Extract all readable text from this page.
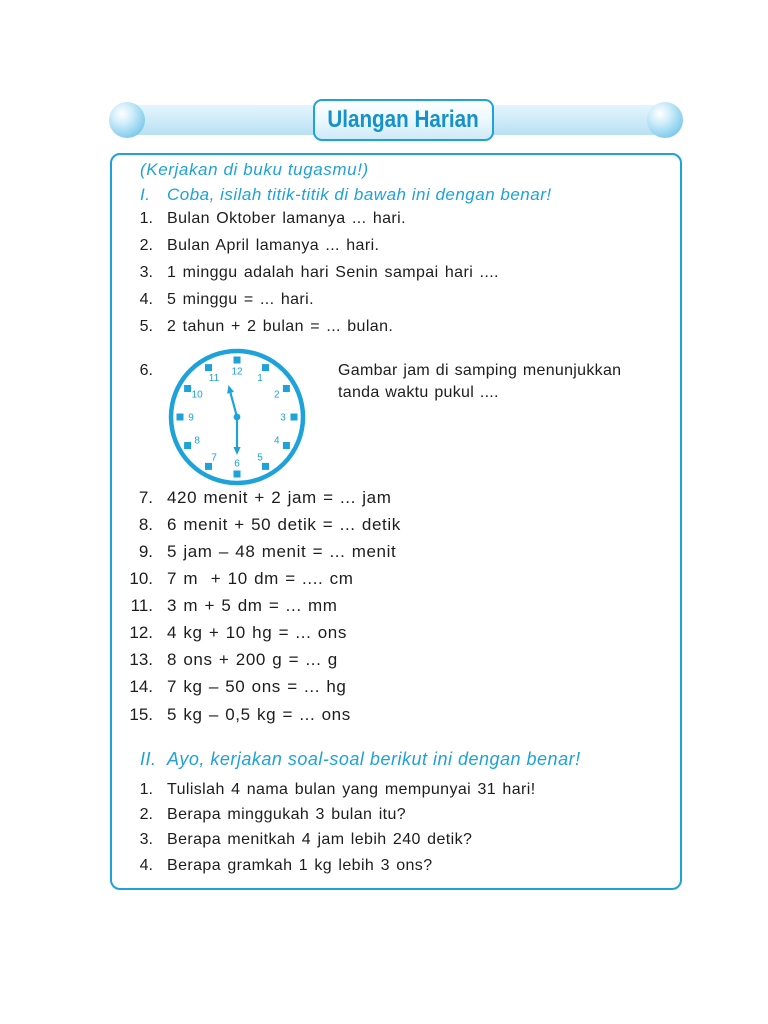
Ulangan Harian
(Kerjakan di buku tugasmu!)
I. Coba, isilah titik-titik di bawah ini dengan benar!
1. Bulan Oktober lamanya ... hari.
2. Bulan April lamanya ... hari.
3. 1 minggu adalah hari Senin sampai hari ....
4. 5 minggu = ... hari.
5. 2 tahun + 2 bulan = ... bulan.
6.	12
1
2
3
4
5
6
7
8
9
10
11	Gambar jam di samping menunjukkan
tanda waktu pukul ....
7. 420 menit + 2 jam = ... jam
8. 6 menit + 50 detik = ... detik
9. 5 jam – 48 menit = ... menit
10. 7 m  + 10 dm = .... cm
11. 3 m + 5 dm = ... mm
12. 4 kg + 10 hg = ... ons
13. 8 ons + 200 g = ... g
14. 7 kg – 50 ons = ... hg
15. 5 kg – 0,5 kg = ... ons
II. Ayo, kerjakan soal-soal berikut ini dengan benar!
1. Tulislah 4 nama bulan yang mempunyai 31 hari!
2. Berapa minggukah 3 bulan itu?
3. Berapa menitkah 4 jam lebih 240 detik?
4. Berapa gramkah 1 kg lebih 3 ons?
